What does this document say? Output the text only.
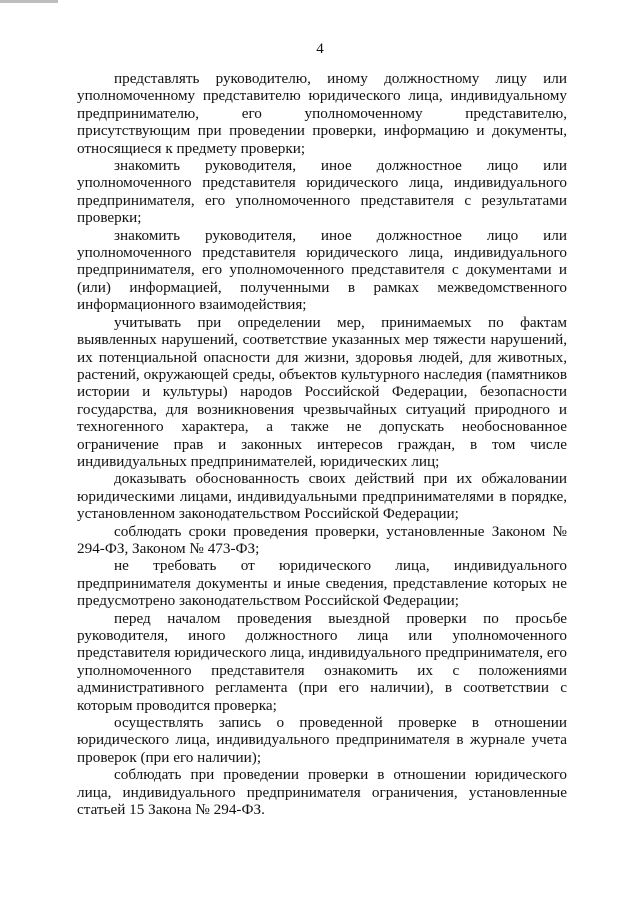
4

представлять руководителю, иному должностному лицу или уполномоченному представителю юридического лица, индивидуальному предпринимателю, его уполномоченному представителю, присутствующим при проведении проверки, информацию и документы, относящиеся к предмету проверки;

знакомить руководителя, иное должностное лицо или уполномоченного представителя юридического лица, индивидуального предпринимателя, его уполномоченного представителя с результатами проверки;

знакомить руководителя, иное должностное лицо или уполномоченного представителя юридического лица, индивидуального предпринимателя, его уполномоченного представителя с документами и (или) информацией, полученными в рамках межведомственного информационного взаимодействия;

учитывать при определении мер, принимаемых по фактам выявленных нарушений, соответствие указанных мер тяжести нарушений, их потенциальной опасности для жизни, здоровья людей, для животных, растений, окружающей среды, объектов культурного наследия (памятников истории и культуры) народов Российской Федерации, безопасности государства, для возникновения чрезвычайных ситуаций природного и техногенного характера, а также не допускать необоснованное ограничение прав и законных интересов граждан, в том числе индивидуальных предпринимателей, юридических лиц;

доказывать обоснованность своих действий при их обжаловании юридическими лицами, индивидуальными предпринимателями в порядке, установленном законодательством Российской Федерации;

соблюдать сроки проведения проверки, установленные Законом № 294-ФЗ, Законом № 473-ФЗ;

не требовать от юридического лица, индивидуального предпринимателя документы и иные сведения, представление которых не предусмотрено законодательством Российской Федерации;

перед началом проведения выездной проверки по просьбе руководителя, иного должностного лица или уполномоченного представителя юридического лица, индивидуального предпринимателя, его уполномоченного представителя ознакомить их с положениями административного регламента (при его наличии), в соответствии с которым проводится проверка;

осуществлять запись о проведенной проверке в отношении юридического лица, индивидуального предпринимателя в журнале учета проверок (при его наличии);

соблюдать при проведении проверки в отношении юридического лица, индивидуального предпринимателя ограничения, установленные статьей 15 Закона № 294-ФЗ.
